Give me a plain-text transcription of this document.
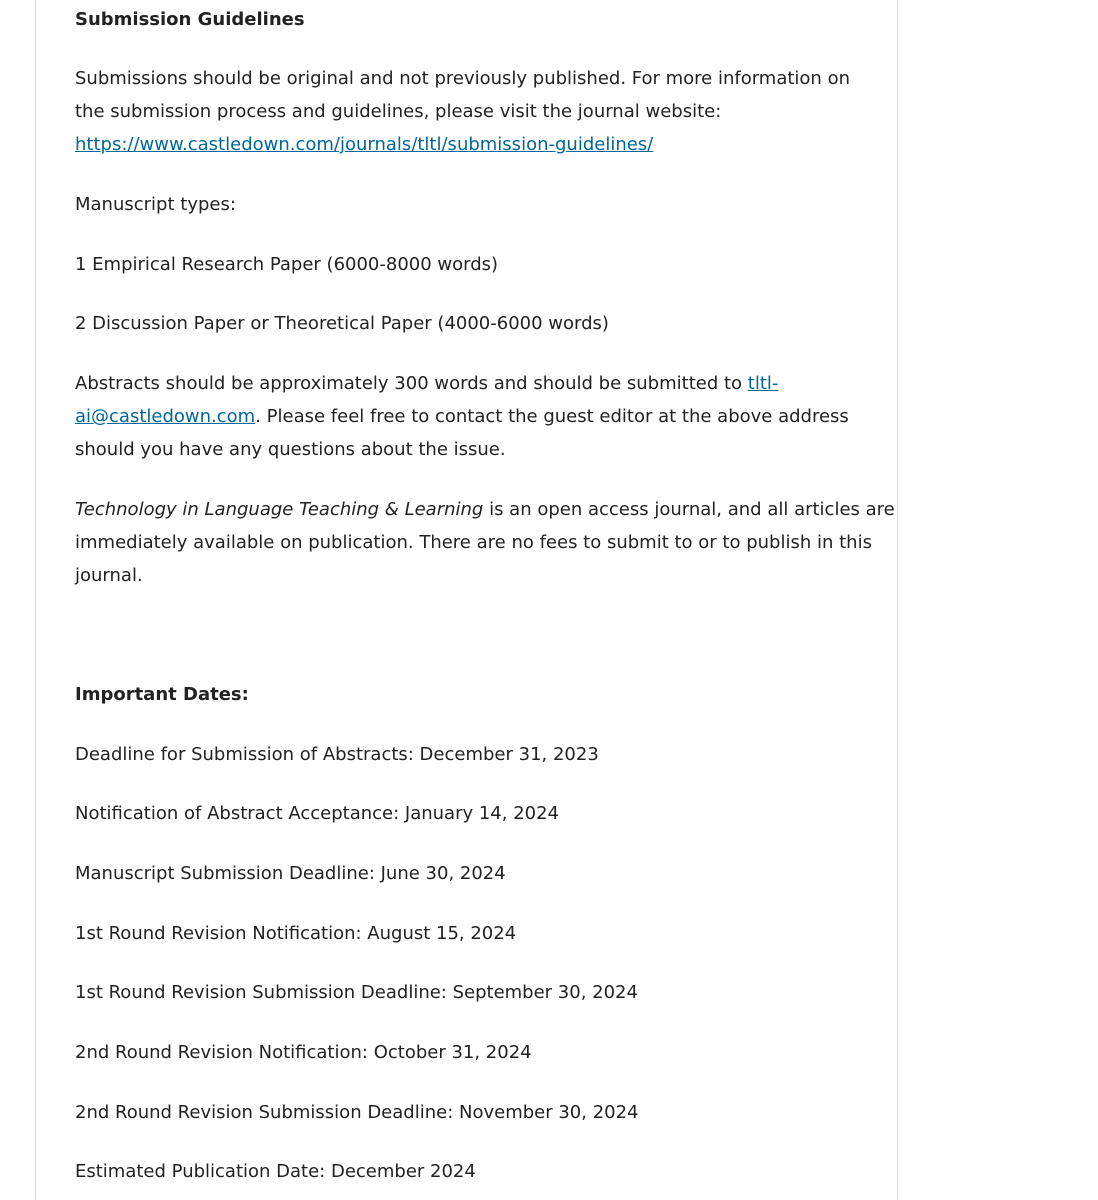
Submission Guidelines

Submissions should be original and not previously published. For more information on

the submission process and guidelines, please visit the journal website:

https://www.castledown.com/journals/tltl/submission-guidelines/

Manuscript types:

1 Empirical Research Paper (6000-8000 words)

2 Discussion Paper or Theoretical Paper (4000-6000 words)

Abstracts should be approximately 300 words and should be submitted to tltl-

ai@castledown.com. Please feel free to contact the guest editor at the above address

should you have any questions about the issue.

Technology in Language Teaching & Learning is an open access journal, and all articles are

immediately available on publication. There are no fees to submit to or to publish in this

journal.

Important Dates:

Deadline for Submission of Abstracts: December 31, 2023

Notification of Abstract Acceptance: January 14, 2024

Manuscript Submission Deadline: June 30, 2024

1st Round Revision Notification: August 15, 2024

1st Round Revision Submission Deadline: September 30, 2024

2nd Round Revision Notification: October 31, 2024

2nd Round Revision Submission Deadline: November 30, 2024

Estimated Publication Date: December 2024
